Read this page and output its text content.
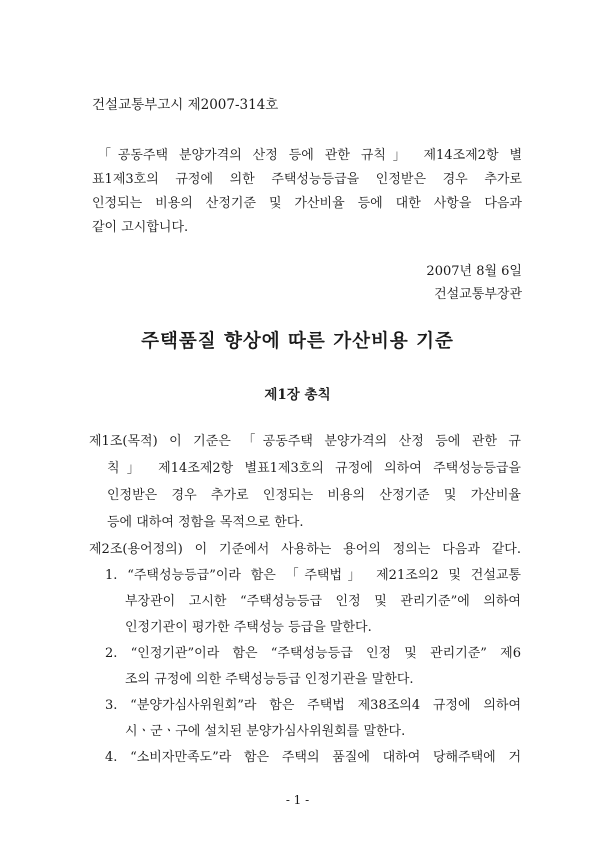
건설교통부고시 제2007-314호
「공동주택 분양가격의 산정 등에 관한 규칙」 제14조제2항 별
표1제3호의 규정에 의한 주택성능등급을 인정받은 경우 추가로
인정되는 비용의 산정기준 및 가산비율 등에 대한 사항을 다음과
같이 고시합니다.
2007년 8월 6일
건설교통부장관
주택품질 향상에 따른 가산비용 기준
제1장 총칙
제1조(목적) 이 기준은 「공동주택 분양가격의 산정 등에 관한 규
칙」 제14조제2항 별표1제3호의 규정에 의하여 주택성능등급을
인정받은 경우 추가로 인정되는 비용의 산정기준 및 가산비율
등에 대하여 정함을 목적으로 한다.
제2조(용어정의) 이 기준에서 사용하는 용어의 정의는 다음과 같다.
1. “주택성능등급”이라 함은 「주택법」 제21조의2 및 건설교통
부장관이 고시한 “주택성능등급 인정 및 관리기준”에 의하여
인정기관이 평가한 주택성능 등급을 말한다.
2. “인정기관”이라 함은 “주택성능등급 인정 및 관리기준” 제6
조의 규정에 의한 주택성능등급 인정기관을 말한다.
3. “분양가심사위원회”라 함은 주택법 제38조의4 규정에 의하여
시ㆍ군ㆍ구에 설치된 분양가심사위원회를 말한다.
4. “소비자만족도”라 함은 주택의 품질에 대하여 당해주택에 거
- 1 -
